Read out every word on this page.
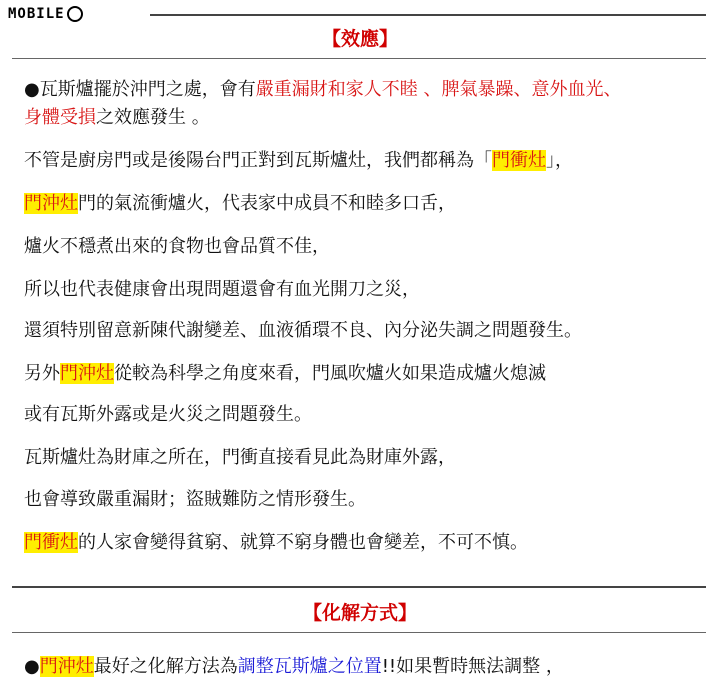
MOBILE
【效應】
●瓦斯爐擺於沖門之處，會有嚴重漏財和家人不睦 、脾氣暴躁、意外血光、
身體受損之效應發生 。
不管是廚房門或是後陽台門正對到瓦斯爐灶，我們都稱為「門衝灶」，
門沖灶門的氣流衝爐火，代表家中成員不和睦多口舌，
爐火不穩煮出來的食物也會品質不佳，
所以也代表健康會出現問題還會有血光開刀之災，
還須特別留意新陳代謝變差、血液循環不良、內分泌失調之問題發生。
另外門沖灶從較為科學之角度來看，門風吹爐火如果造成爐火熄滅
或有瓦斯外露或是火災之問題發生。
瓦斯爐灶為財庫之所在，門衝直接看見此為財庫外露，
也會導致嚴重漏財；盜賊難防之情形發生。
門衝灶的人家會變得貧窮、就算不窮身體也會變差，不可不慎。
【化解方式】
●門沖灶最好之化解方法為調整瓦斯爐之位置!!如果暫時無法調整 ，
